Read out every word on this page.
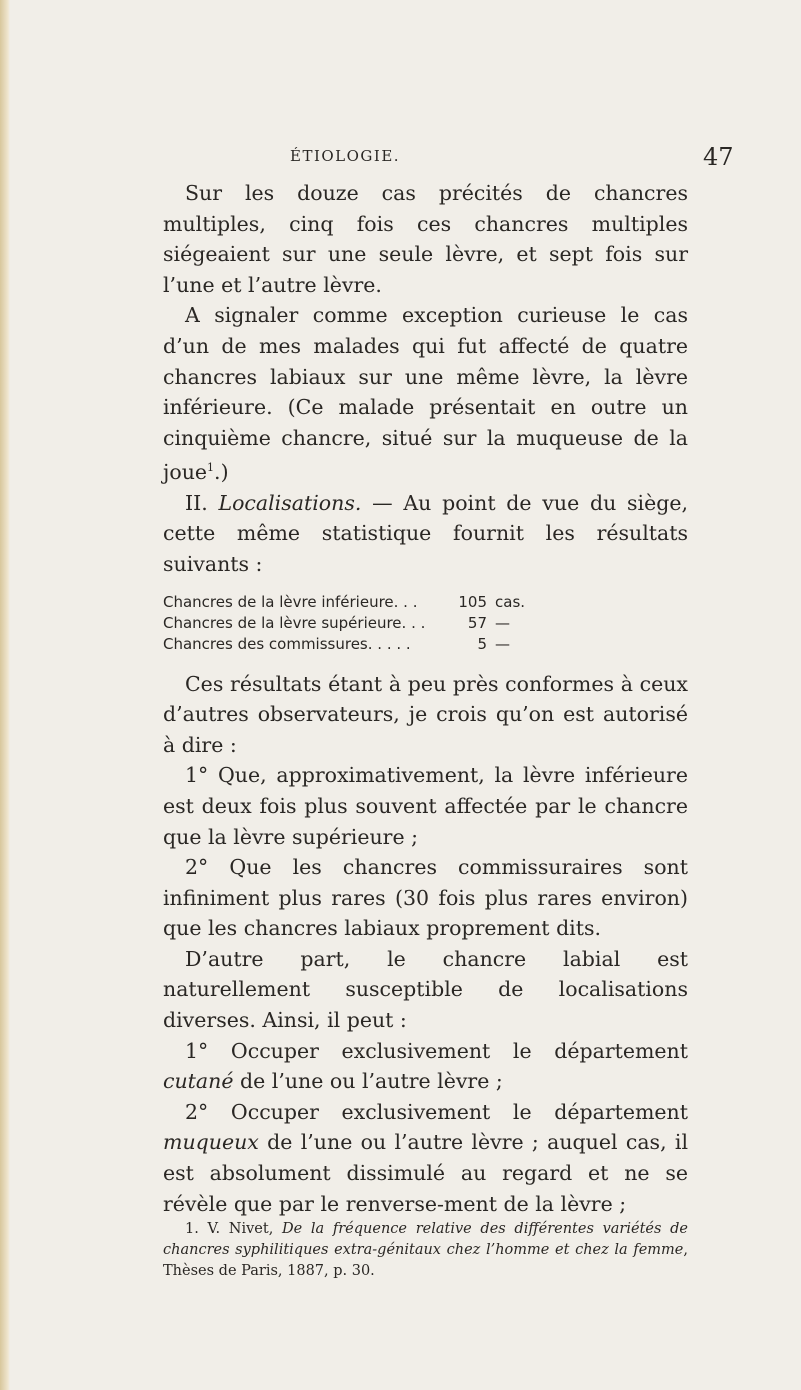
ÉTIOLOGIE.	47

Sur les douze cas précités de chancres multiples, cinq fois ces chancres multiples siégeaient sur une seule lèvre, et sept fois sur l’une et l’autre lèvre.

A signaler comme exception curieuse le cas d’un de mes malades qui fut affecté de quatre chancres labiaux sur une même lèvre, la lèvre inférieure. (Ce malade présentait en outre un cinquième chancre, situé sur la muqueuse de la joue$^1$.)

II. Localisations. — Au point de vue du siège, cette même statistique fournit les résultats suivants :

Chancres de la lèvre inférieure. . .	105 cas.
Chancres de la lèvre supérieure. . .	57 —
Chancres des commissures. . . . .	5 —

Ces résultats étant à peu près conformes à ceux d’autres observateurs, je crois qu’on est autorisé à dire :

1° Que, approximativement, la lèvre inférieure est deux fois plus souvent affectée par le chancre que la lèvre supérieure ;

2° Que les chancres commissuraires sont infiniment plus rares (30 fois plus rares environ) que les chancres labiaux proprement dits.

D’autre part, le chancre labial est naturellement susceptible de localisations diverses. Ainsi, il peut :

1° Occuper exclusivement le département cutané de l’une ou l’autre lèvre ;

2° Occuper exclusivement le département muqueux de l’une ou l’autre lèvre ; auquel cas, il est absolument dissimulé au regard et ne se révèle que par le renverse-ment de la lèvre ;

1. V. Nivet, De la fréquence relative des différentes variétés de chancres syphilitiques extra-génitaux chez l’homme et chez la femme, Thèses de Paris, 1887, p. 30.
